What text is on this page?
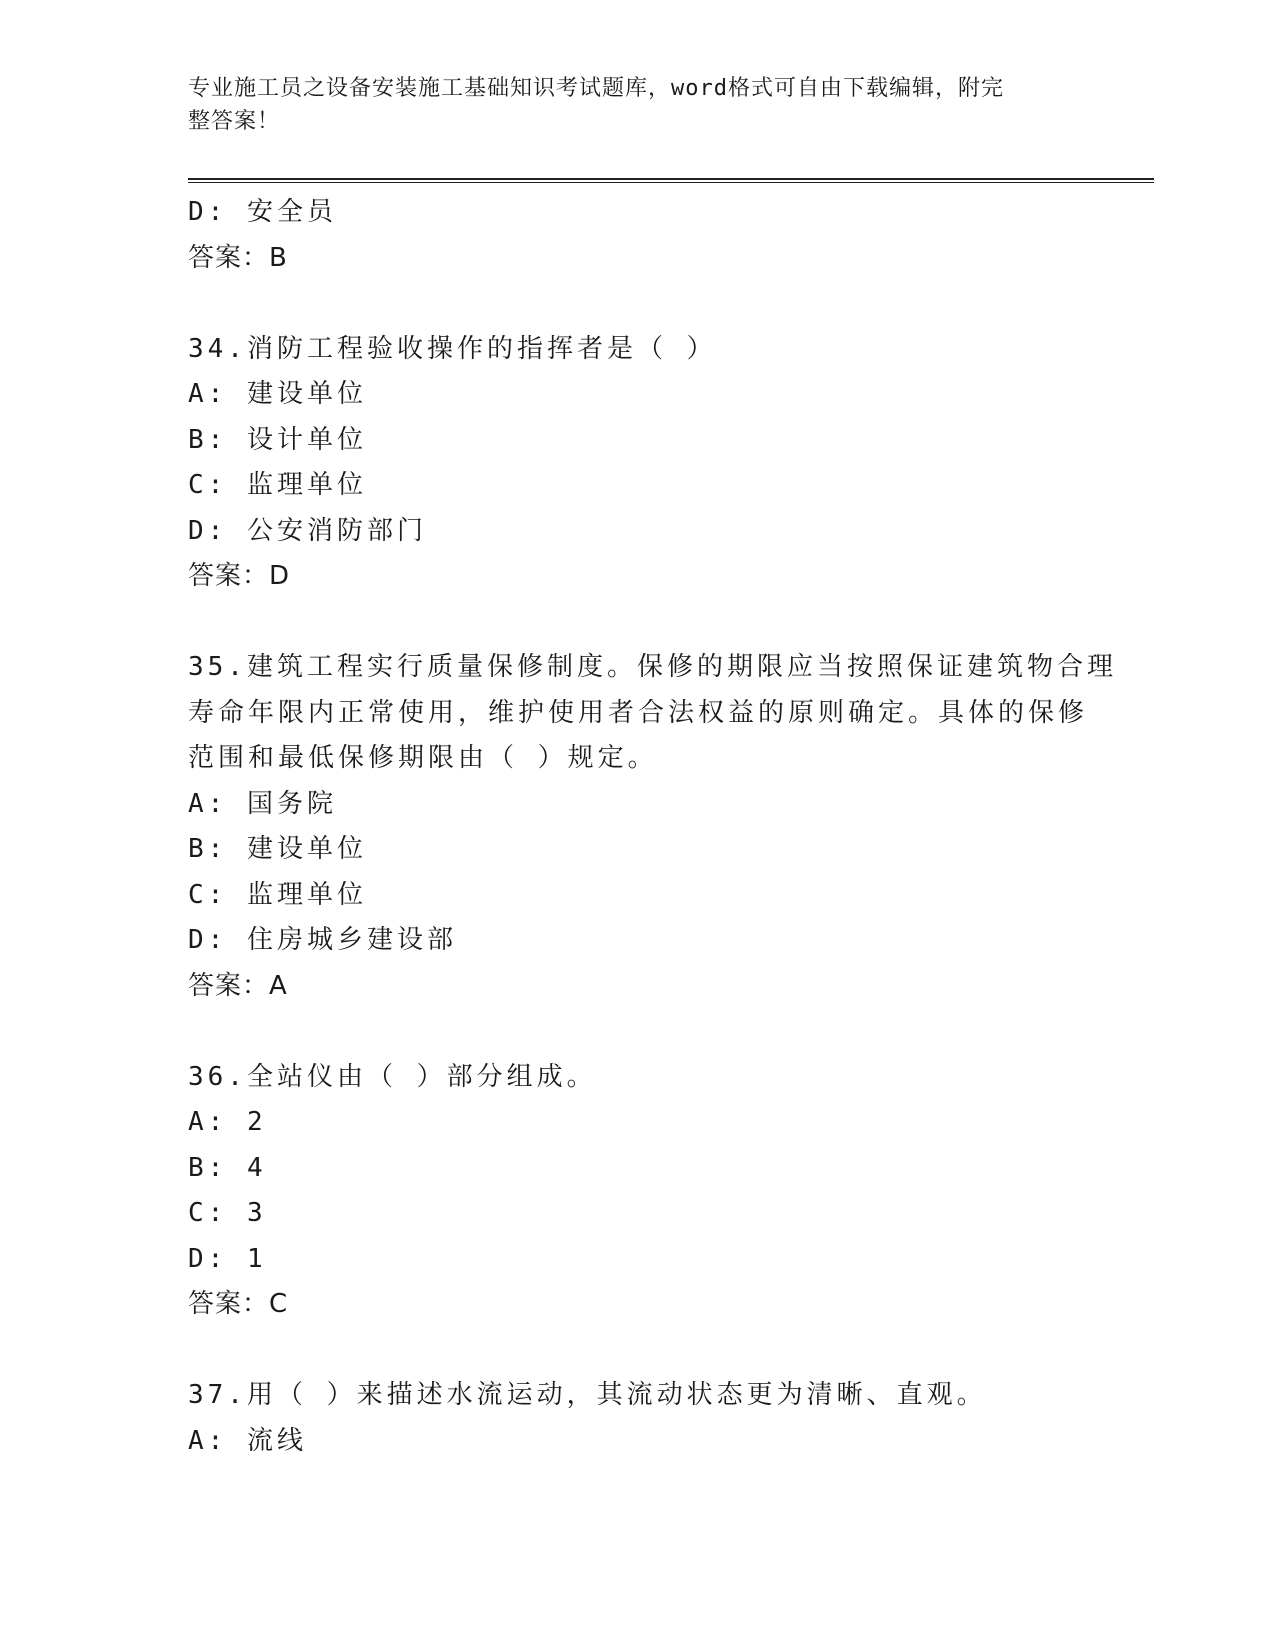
专业施工员之设备安装施工基础知识考试题库，word格式可自由下载编辑，附完
整答案！
D: 安全员
答案：B
34.消防工程验收操作的指挥者是（ ）
A: 建设单位
B: 设计单位
C: 监理单位
D: 公安消防部门
答案：D
35.建筑工程实行质量保修制度。保修的期限应当按照保证建筑物合理
寿命年限内正常使用，维护使用者合法权益的原则确定。具体的保修
范围和最低保修期限由（ ）规定。
A: 国务院
B: 建设单位
C: 监理单位
D: 住房城乡建设部
答案：A
36.全站仪由（ ）部分组成。
A: 2
B: 4
C: 3
D: 1
答案：C
37.用（ ）来描述水流运动，其流动状态更为清晰、直观。
A: 流线
